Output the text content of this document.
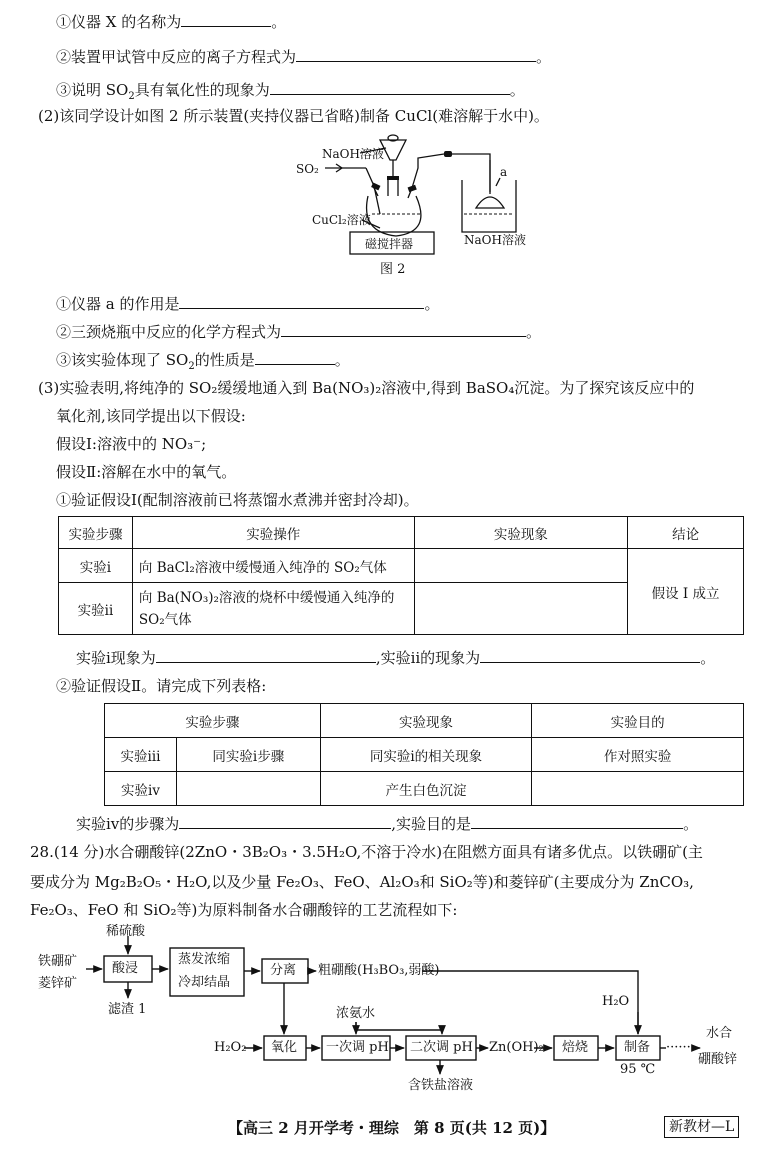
①仪器 X 的名称为	。
②装置甲试管中反应的离子方程式为	。
③说明 $SO_2$具有氧化性的现象为	。
(2)该同学设计如图 2 所示装置(夹持仪器已省略)制备 CuCl(难溶解于水中)。
NaOH溶液
SO₂
CuCl₂溶液
磁搅拌器	NaOH溶液
a
图 2
①仪器 a 的作用是	。
②三颈烧瓶中反应的化学方程式为	。
③该实验体现了 $SO_2$的性质是	。
(3)实验表明,将纯净的 SO₂缓缓地通入到 Ba(NO₃)₂溶液中,得到 BaSO₄沉淀。为了探究该反应中的
氧化剂,该同学提出以下假设:
假设Ⅰ:溶液中的 NO₃⁻;
假设Ⅱ:溶解在水中的氧气。
①验证假设Ⅰ(配制溶液前已将蒸馏水煮沸并密封冷却)。
实验步骤	实验操作	实验现象	结论
实验ⅰ	向 BaCl₂溶液中缓慢通入纯净的 SO₂气体		假设 Ⅰ 成立
实验ⅱ	向 Ba(NO₃)₂溶液的烧杯中缓慢通入纯净的
SO₂气体		

实验ⅰ现象为	,实验ⅱ的现象为	。
②验证假设Ⅱ。请完成下列表格:
实验步骤		实验现象	实验目的
实验ⅲ	同实验ⅰ步骤	同实验ⅰ的相关现象	作对照实验
实验ⅳ		产生白色沉淀	
实验ⅳ的步骤为	,实验目的是	。
28.(14 分)水合硼酸锌(2ZnO・3B₂O₃・3.5H₂O,不溶于冷水)在阻燃方面具有诸多优点。以铁硼矿(主
要成分为 Mg₂B₂O₅・H₂O,以及少量 Fe₂O₃、FeO、Al₂O₃和 SiO₂等)和菱锌矿(主要成分为 ZnCO₃,
Fe₂O₃、FeO 和 SiO₂等)为原料制备水合硼酸锌的工艺流程如下:
稀硫酸
铁硼矿
菱锌矿
酸浸
滤渣 1
蒸发浓缩
冷却结晶
分离 粗硼酸(H₃BO₃,弱酸)
H₂O
H₂O₂ 氧化
浓氨水
一次调 pH 二次调 pH Zn(OH)₂ 焙烧	制备
95 ℃
······
水合
硼酸锌
含铁盐溶液
【高三 2 月开学考・理综　第 8 页(共 12 页)】	新教材—L
